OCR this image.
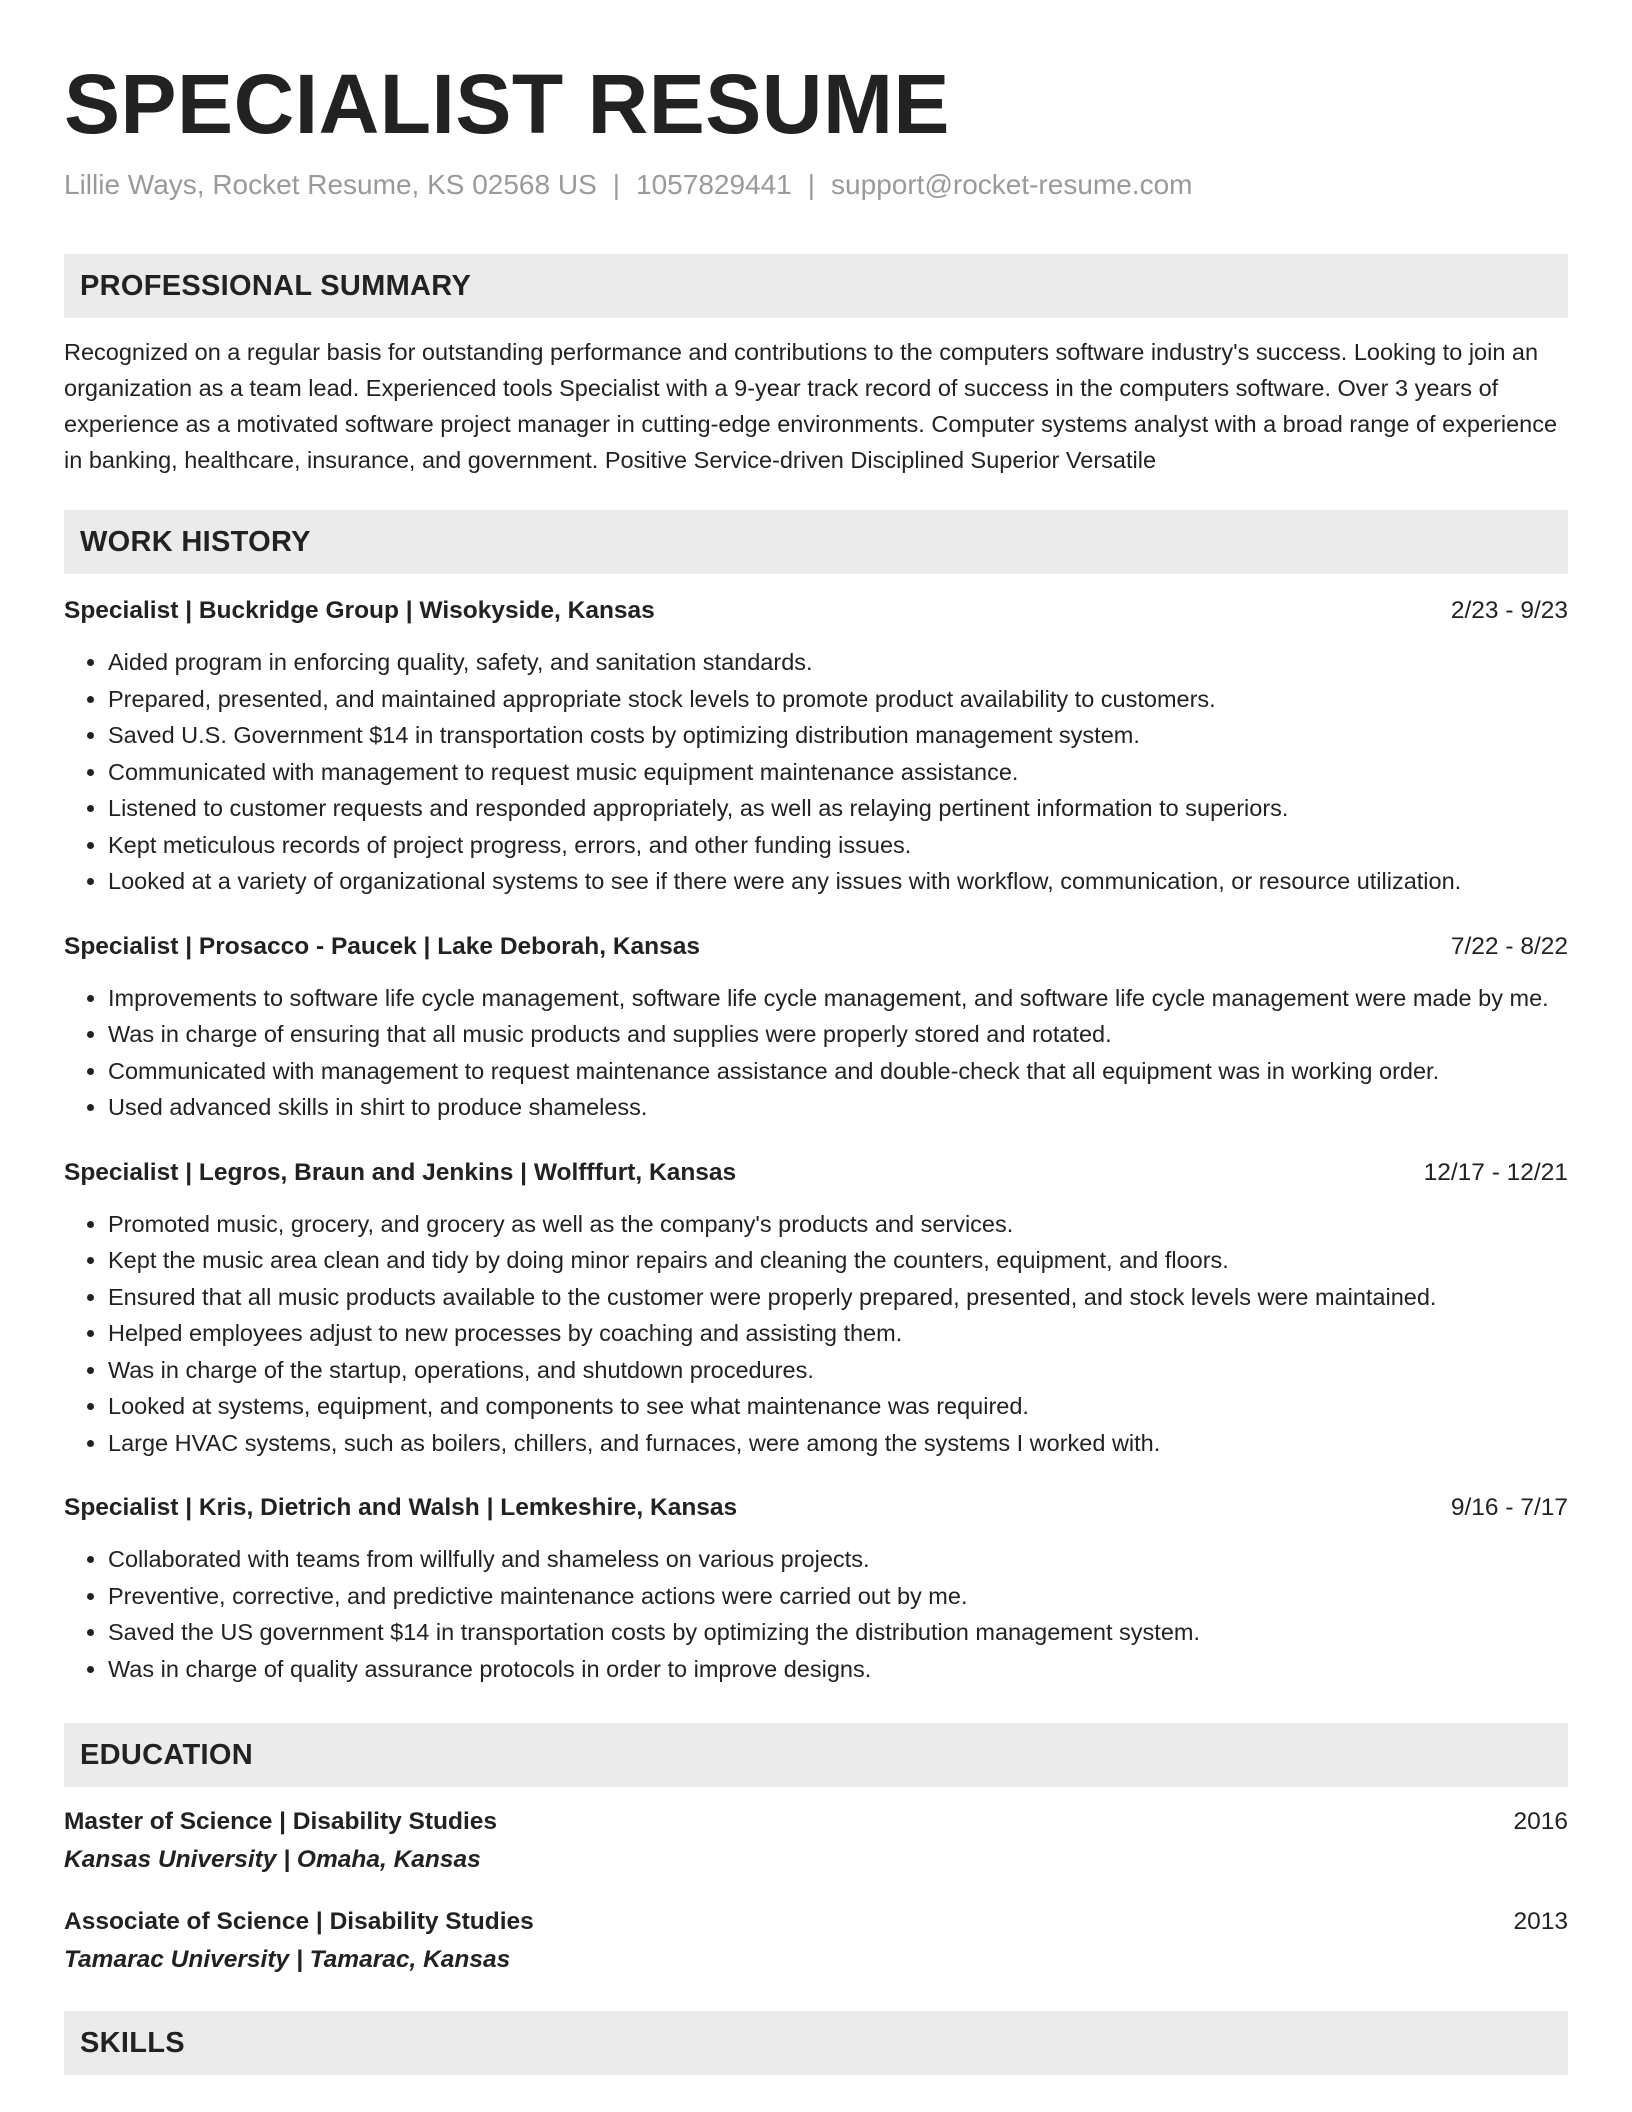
SPECIALIST RESUME
Lillie Ways, Rocket Resume, KS 02568 US | 1057829441 | support@rocket-resume.com
PROFESSIONAL SUMMARY
Recognized on a regular basis for outstanding performance and contributions to the computers software industry's success. Looking to join an organization as a team lead. Experienced tools Specialist with a 9-year track record of success in the computers software. Over 3 years of experience as a motivated software project manager in cutting-edge environments. Computer systems analyst with a broad range of experience in banking, healthcare, insurance, and government. Positive Service-driven Disciplined Superior Versatile
WORK HISTORY
Specialist | Buckridge Group | Wisokyside, Kansas	2/23 - 9/23
• Aided program in enforcing quality, safety, and sanitation standards.
• Prepared, presented, and maintained appropriate stock levels to promote product availability to customers.
• Saved U.S. Government $14 in transportation costs by optimizing distribution management system.
• Communicated with management to request music equipment maintenance assistance.
• Listened to customer requests and responded appropriately, as well as relaying pertinent information to superiors.
• Kept meticulous records of project progress, errors, and other funding issues.
• Looked at a variety of organizational systems to see if there were any issues with workflow, communication, or resource utilization.
Specialist | Prosacco - Paucek | Lake Deborah, Kansas	7/22 - 8/22
• Improvements to software life cycle management, software life cycle management, and software life cycle management were made by me.
• Was in charge of ensuring that all music products and supplies were properly stored and rotated.
• Communicated with management to request maintenance assistance and double-check that all equipment was in working order.
• Used advanced skills in shirt to produce shameless.
Specialist | Legros, Braun and Jenkins | Wolfffurt, Kansas	12/17 - 12/21
• Promoted music, grocery, and grocery as well as the company's products and services.
• Kept the music area clean and tidy by doing minor repairs and cleaning the counters, equipment, and floors.
• Ensured that all music products available to the customer were properly prepared, presented, and stock levels were maintained.
• Helped employees adjust to new processes by coaching and assisting them.
• Was in charge of the startup, operations, and shutdown procedures.
• Looked at systems, equipment, and components to see what maintenance was required.
• Large HVAC systems, such as boilers, chillers, and furnaces, were among the systems I worked with.
Specialist | Kris, Dietrich and Walsh | Lemkeshire, Kansas	9/16 - 7/17
• Collaborated with teams from willfully and shameless on various projects.
• Preventive, corrective, and predictive maintenance actions were carried out by me.
• Saved the US government $14 in transportation costs by optimizing the distribution management system.
• Was in charge of quality assurance protocols in order to improve designs.
EDUCATION
Master of Science | Disability Studies	2016
Kansas University | Omaha, Kansas
Associate of Science | Disability Studies	2013
Tamarac University | Tamarac, Kansas
SKILLS
